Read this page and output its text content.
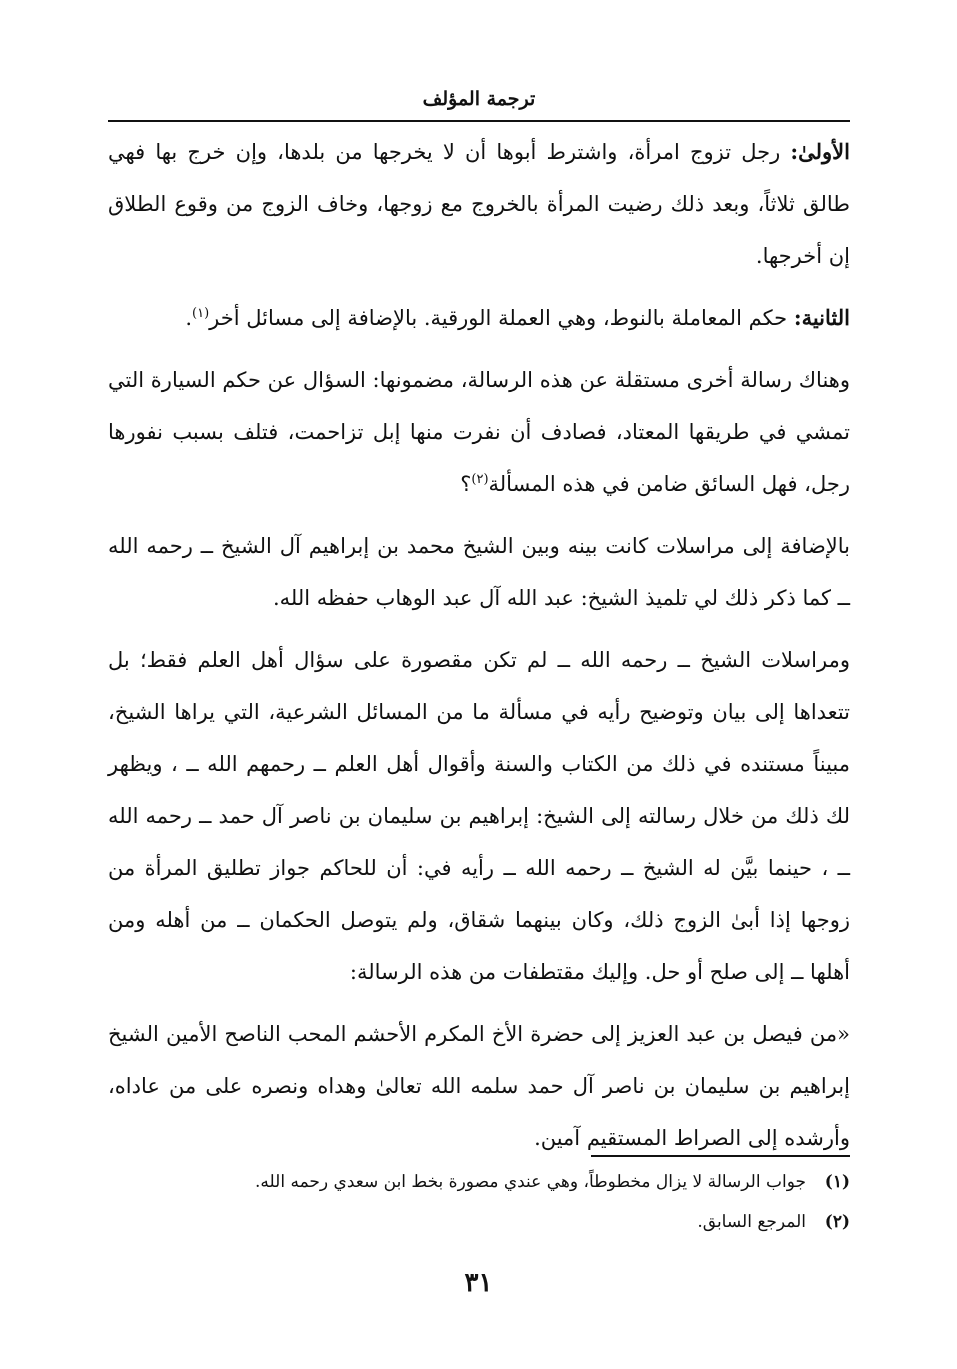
ترجمة المؤلف

الأولىٰ: رجل تزوج امرأة، واشترط أبوها أن لا يخرجها من بلدها، وإن خرج بها فهي طالق ثلاثاً، وبعد ذلك رضيت المرأة بالخروج مع زوجها، وخاف الزوج من وقوع الطلاق إن أخرجها.

الثانية: حكم المعاملة بالنوط، وهي العملة الورقية. بالإضافة إلى مسائل أخر$^{(١)}$.

وهناك رسالة أخرى مستقلة عن هذه الرسالة، مضمونها: السؤال عن حكم السيارة التي تمشي في طريقها المعتاد، فصادف أن نفرت منها إبل تزاحمت، فتلف بسبب نفورها رجل، فهل السائق ضامن في هذه المسألة$^{(٢)}$؟

بالإضافة إلى مراسلات كانت بينه وبين الشيخ محمد بن إبراهيم آل الشيخ ــ رحمه الله ــ كما ذكر ذلك لي تلميذ الشيخ: عبد الله آل عبد الوهاب حفظه الله.

ومراسلات الشيخ ــ رحمه الله ــ لم تكن مقصورة على سؤال أهل العلم فقط؛ بل تتعداها إلى بيان وتوضيح رأيه في مسألة ما من المسائل الشرعية، التي يراها الشيخ، مبيناً مستنده في ذلك من الكتاب والسنة وأقوال أهل العلم ــ رحمهم الله ــ ، ويظهر لك ذلك من خلال رسالته إلى الشيخ: إبراهيم بن سليمان بن ناصر آل حمد ــ رحمه الله ــ ، حينما بيَّن له الشيخ ــ رحمه الله ــ رأيه في: أن للحاكم جواز تطليق المرأة من زوجها إذا أبىٰ الزوج ذلك، وكان بينهما شقاق، ولم يتوصل الحكمان ــ من أهله ومن أهلها ــ إلى صلح أو حل. وإليك مقتطفات من هذه الرسالة:

«من فيصل بن عبد العزيز إلى حضرة الأخ المكرم الأحشم المحب الناصح الأمين الشيخ إبراهيم بن سليمان بن ناصر آل حمد سلمه الله تعالىٰ وهداه ونصره على من عاداه، وأرشده إلى الصراط المستقيم آمين.

(١)جواب الرسالة لا يزال مخطوطاً، وهي عندي مصورة بخط ابن سعدي رحمه الله.
(٢)المرجع السابق.
٣١
